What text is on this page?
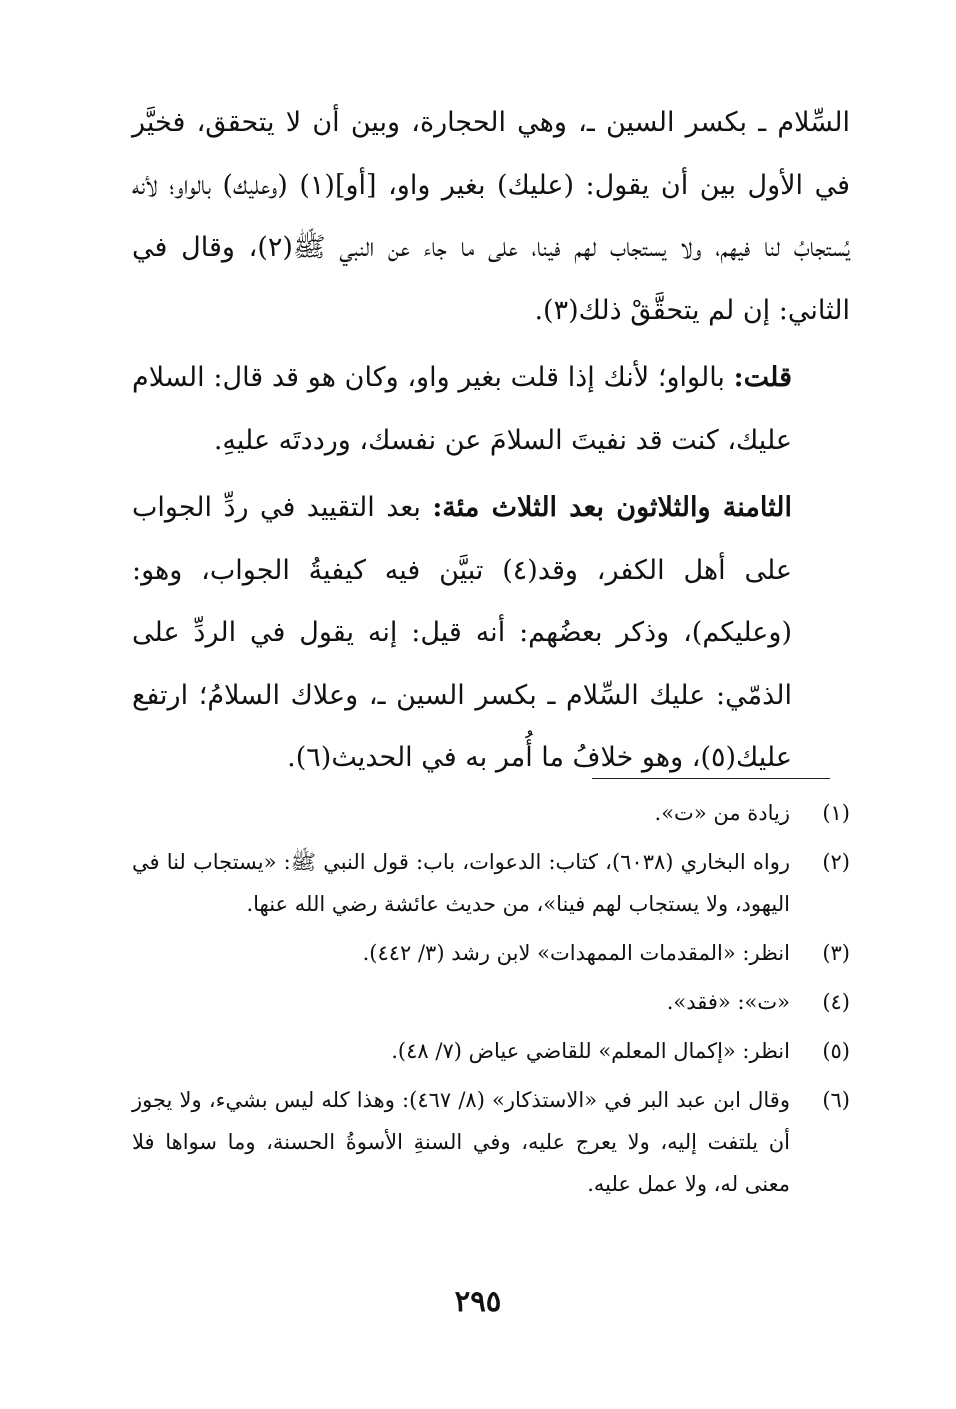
السِّلام ـ بكسر السين ـ، وهي الحجارة، وبين أن لا يتحقق، فخيَّر في الأول بين أن يقول: (عليك) بغير واو، [أو](١) (وعليك) بالواو؛ لأنه يُستجابُ لنا فيهم، ولا يستجاب لهم فينا، على ما جاء عن النبي ﷺ(٢)، وقال في الثاني: إن لم يتحقَّقْ ذلك(٣).

قلت: بالواو؛ لأنك إذا قلت بغير واو، وكان هو قد قال: السلام عليك، كنت قد نفيتَ السلامَ عن نفسك، ورددتَه عليهِ.

الثامنة والثلاثون بعد الثلاث مئة: بعد التقييد في ردِّ الجواب على أهل الكفر، وقد(٤) تبيَّن فيه كيفيةُ الجواب، وهو: (وعليكم)، وذكر بعضُهم: أنه قيل: إنه يقول في الردِّ على الذمّي: عليك السِّلام ـ بكسر السين ـ، وعلاك السلامُ؛ ارتفع عليك(٥)، وهو خلافُ ما أُمر به في الحديث(٦).

(١)
زيادة من «ت».
(٢)
رواه البخاري (٦٠٣٨)، كتاب: الدعوات، باب: قول النبي ﷺ: «يستجاب لنا في اليهود، ولا يستجاب لهم فينا»، من حديث عائشة رضي الله عنها.
(٣)
انظر: «المقدمات الممهدات» لابن رشد (٣/ ٤٤٢).
(٤)
«ت»: «فقد».
(٥)
انظر: «إكمال المعلم» للقاضي عياض (٧/ ٤٨).
(٦)
وقال ابن عبد البر في «الاستذكار» (٨/ ٤٦٧): وهذا كله ليس بشيء، ولا يجوز أن يلتفت إليه، ولا يعرج عليه، وفي السنةِ الأسوةُ الحسنة، وما سواها فلا معنى له، ولا عمل عليه.
٢٩٥
